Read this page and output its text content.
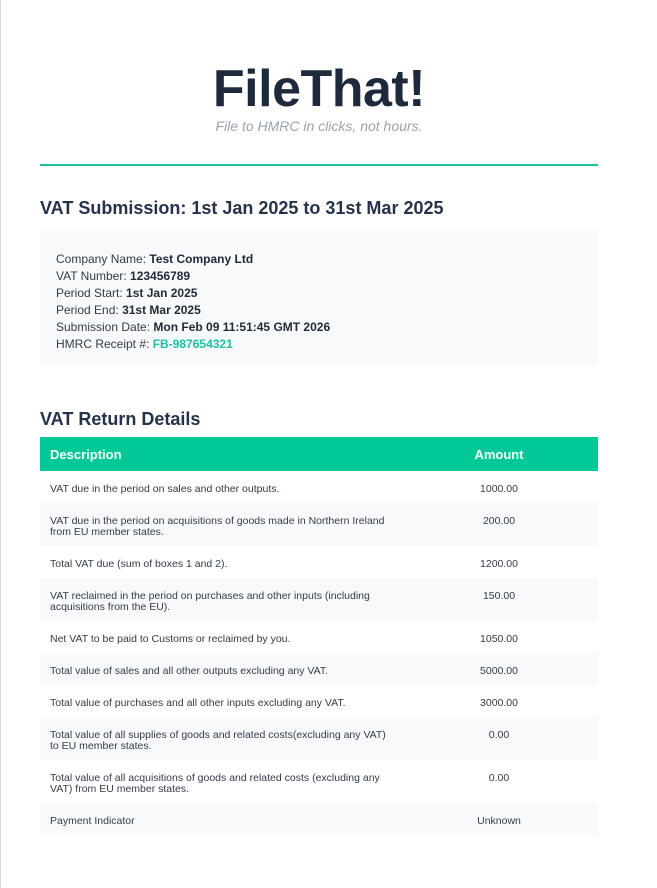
FileThat!
File to HMRC in clicks, not hours.
VAT Submission: 1st Jan 2025 to 31st Mar 2025
Company Name: Test Company Ltd
VAT Number: 123456789
Period Start: 1st Jan 2025
Period End: 31st Mar 2025
Submission Date: Mon Feb 09 11:51:45 GMT 2026
HMRC Receipt #: FB-987654321
VAT Return Details
Description	Amount

VAT due in the period on sales and other outputs.	1000.00

VAT due in the period on acquisitions of goods made in Northern Ireland from EU member states.	200.00

Total VAT due (sum of boxes 1 and 2).	1200.00

VAT reclaimed in the period on purchases and other inputs (including acquisitions from the EU).	150.00

Net VAT to be paid to Customs or reclaimed by you.	1050.00

Total value of sales and all other outputs excluding any VAT.	5000.00

Total value of purchases and all other inputs excluding any VAT.	3000.00

Total value of all supplies of goods and related costs(excluding any VAT) to EU member states.	0.00

Total value of all acquisitions of goods and related costs (excluding any VAT) from EU member states.	0.00

Payment Indicator	Unknown
